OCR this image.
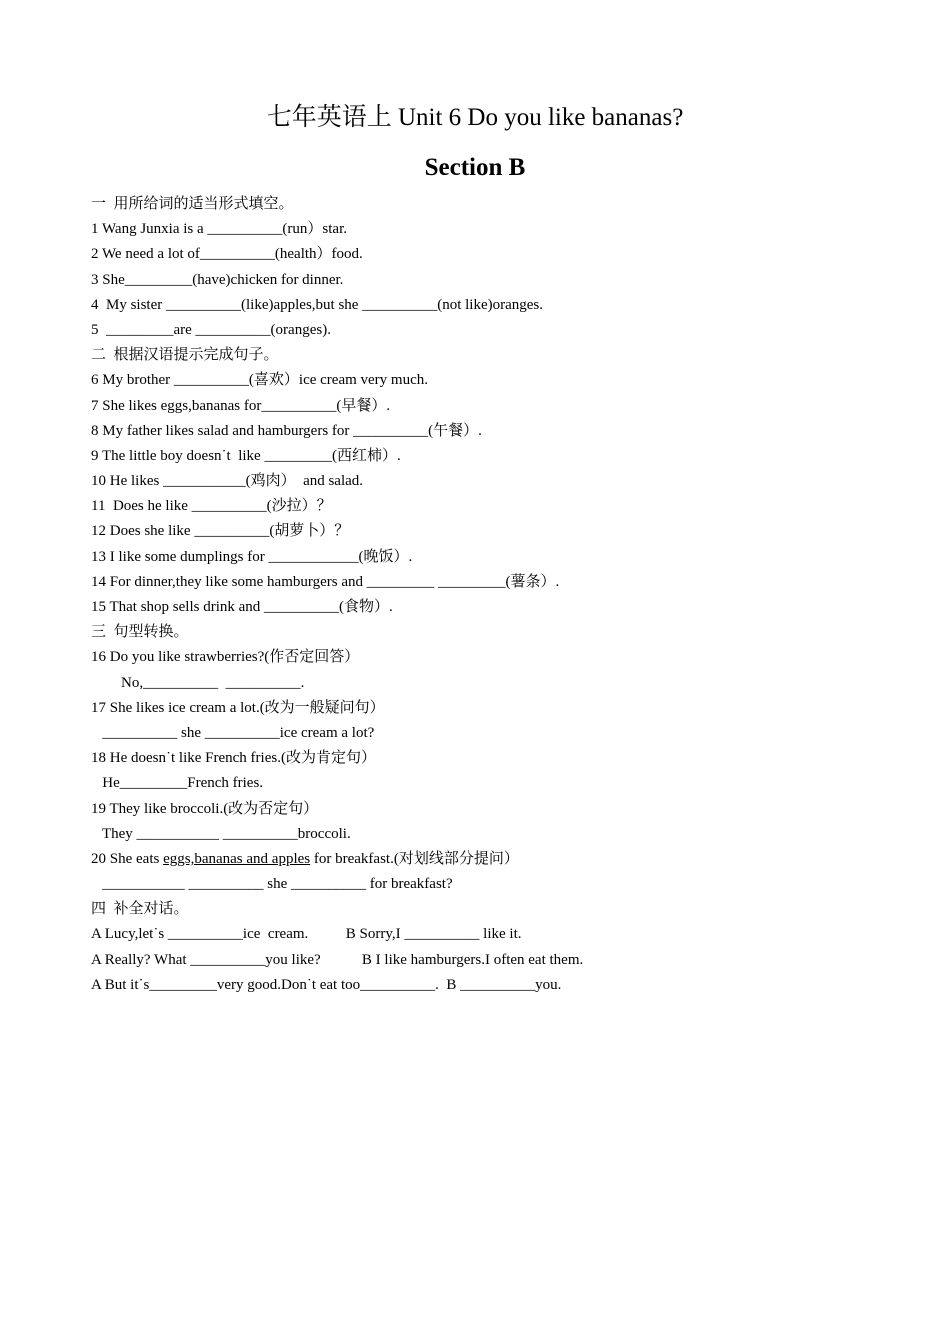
七年英语上 Unit 6 Do you like bananas?
Section B
一  用所给词的适当形式填空。
1 Wang Junxia is a __________(run）star.
2 We need a lot of__________(health）food.
3 She_________(have)chicken for dinner.
4  My sister __________(like)apples,but she __________(not like)oranges.
5  _________are __________(oranges).
二  根据汉语提示完成句子。
6 My brother __________(喜欢）ice cream very much.
7 She likes eggs,bananas for__________(早餐）.
8 My father likes salad and hamburgers for __________(午餐）.
9 The little boy doesn˙t  like _________(西红柿）.
10 He likes ___________(鸡肉）  and salad.
11  Does he like __________(沙拉）？
12 Does she like __________(胡萝卜）？
13 I like some dumplings for ____________(晚饭）.
14 For dinner,they like some hamburgers and _________ _________(薯条）.
15 That shop sells drink and __________(食物）.
三  句型转换。
16 Do you like strawberries?(作否定回答）
No,__________  __________.
17 She likes ice cream a lot.(改为一般疑问句）
__________ she __________ice cream a lot?
18 He doesn˙t like French fries.(改为肯定句）
He_________French fries.
19 They like broccoli.(改为否定句）
They ___________ __________broccoli.
20 She eats eggs,bananas and apples for breakfast.(对划线部分提问）
___________ __________ she __________ for breakfast?
四  补全对话。
A Lucy,let˙s __________ice  cream.          B Sorry,I __________ like it.
A Really? What __________you like?           B I like hamburgers.I often eat them.
A But it˙s_________very good.Don˙t eat too__________.  B __________you.
